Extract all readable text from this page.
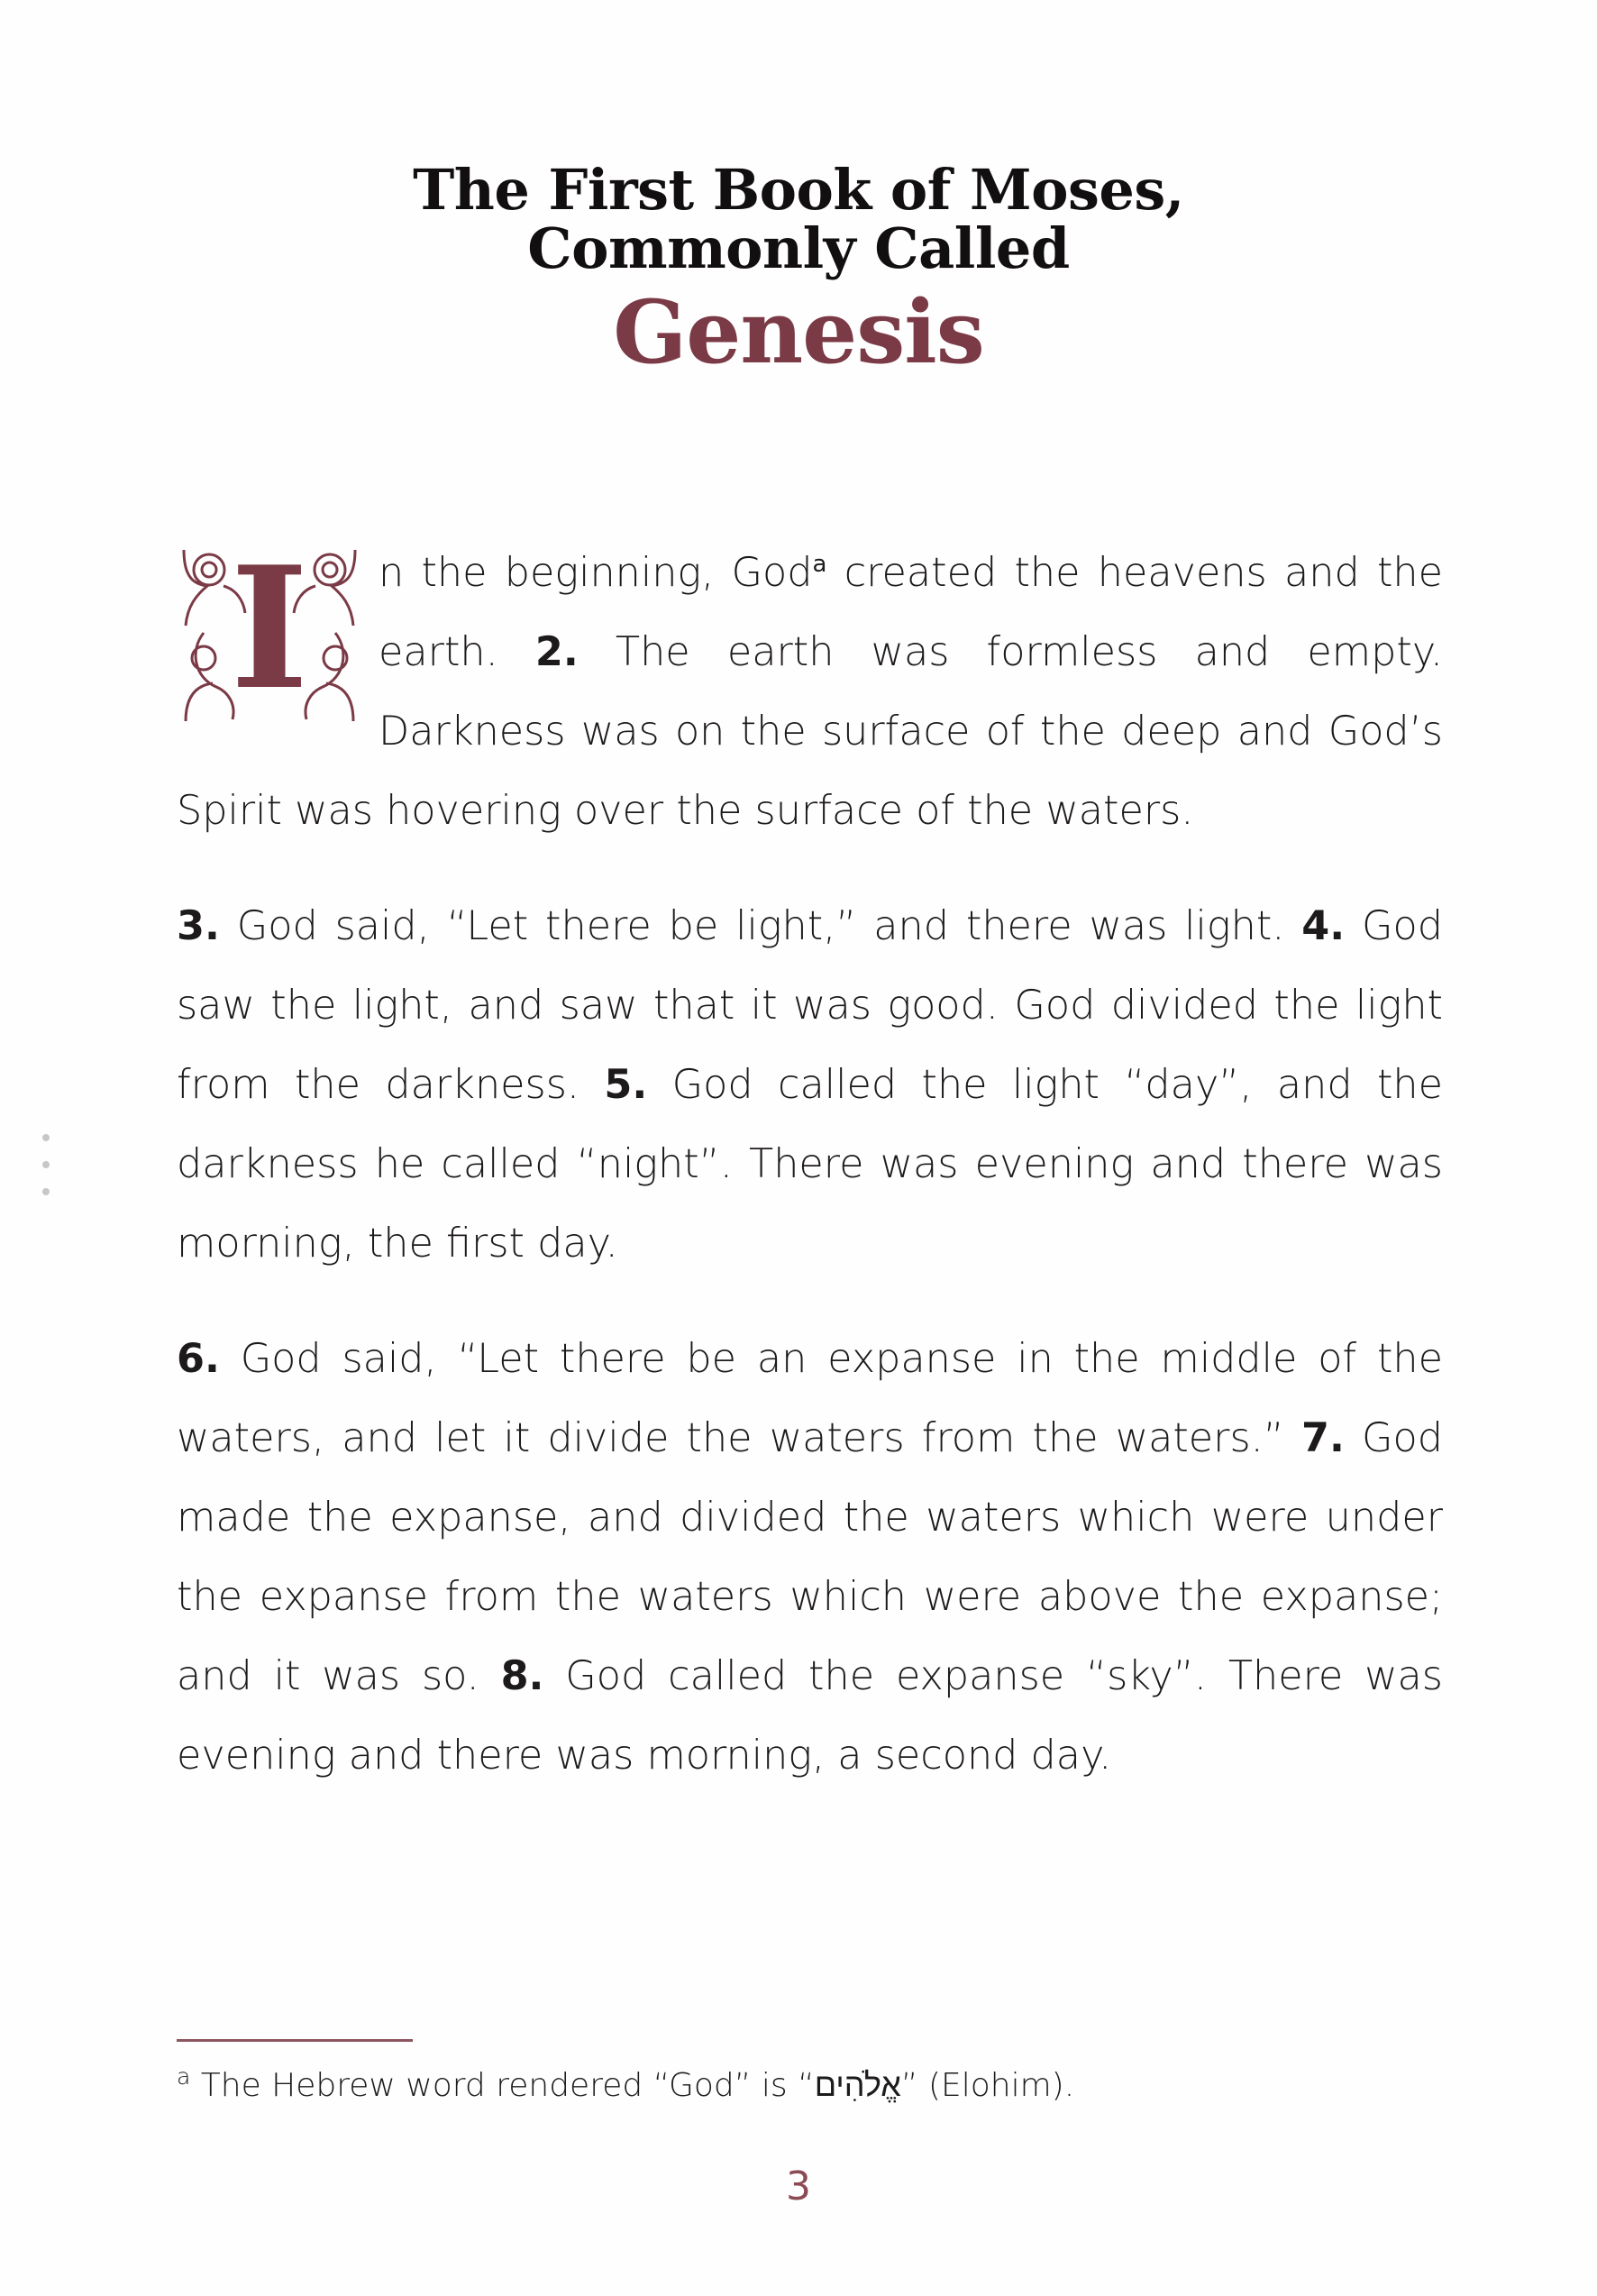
The First Book of Moses,
Commonly Called
Genesis

I n the beginning, God$^a$ created the heavens and the earth. 2. The earth was formless and empty. Darkness was on the surface of the deep and God’s Spirit was hovering over the surface of the waters.

3. God said, “Let there be light,” and there was light. 4. God saw the light, and saw that it was good. God divided the light from the darkness. 5. God called the light “day”, and the darkness he called “night”. There was evening and there was morning, the first day.

6. God said, “Let there be an expanse in the middle of the waters, and let it divide the waters from the waters.” 7. God made the expanse, and divided the waters which were under the expanse from the waters which were above the expanse; and it was so. 8. God called the expanse “sky”. There was evening and there was morning, a second day.

$^a$ The Hebrew word rendered “God” is “אֱלֹהִים” (Elohim).
3
